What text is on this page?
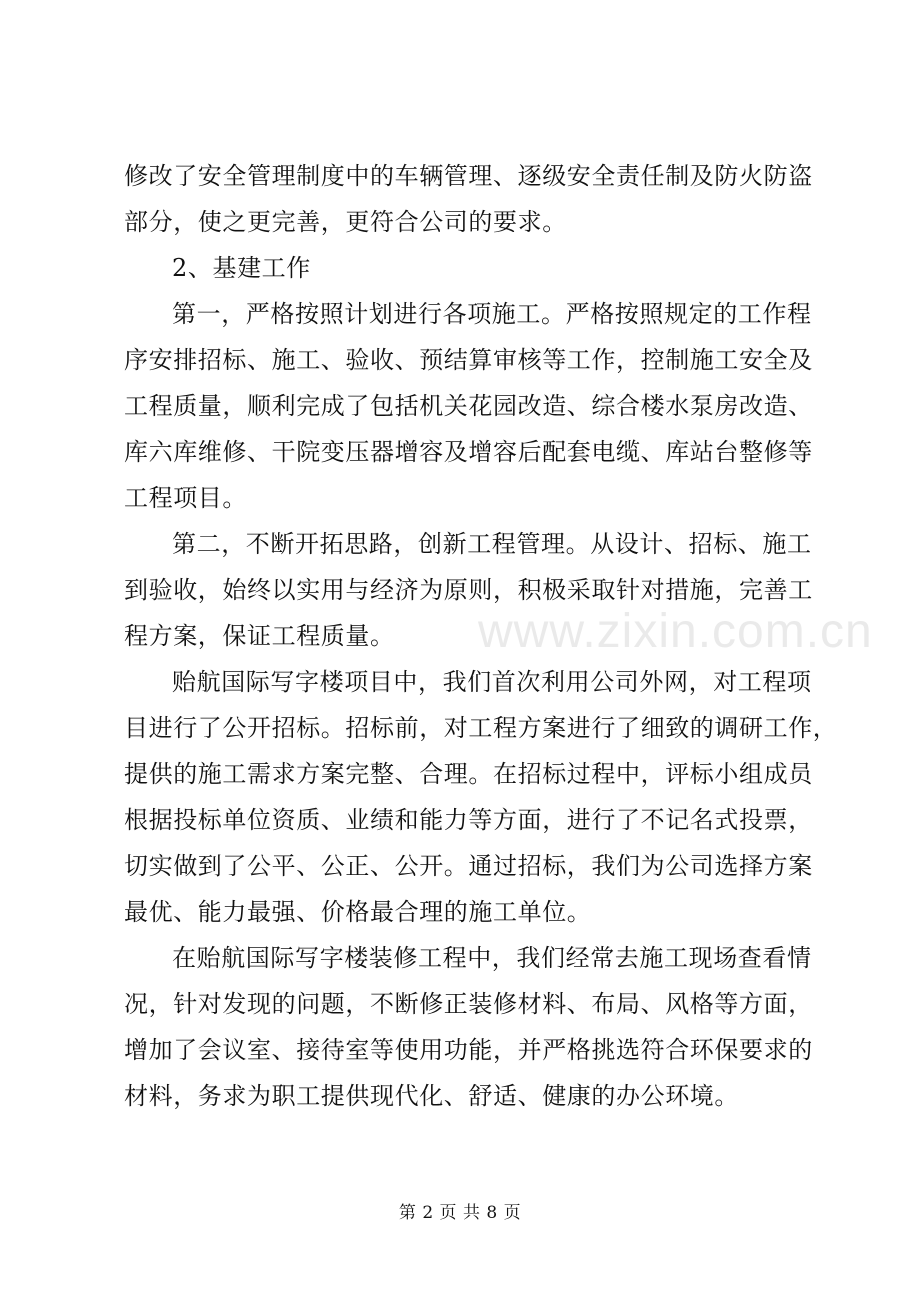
修改了安全管理制度中的车辆管理、逐级安全责任制及防火防盗
部分，使之更完善，更符合公司的要求。
2、基建工作
第一，严格按照计划进行各项施工。严格按照规定的工作程
序安排招标、施工、验收、预结算审核等工作，控制施工安全及
工程质量，顺利完成了包括机关花园改造、综合楼水泵房改造、
库六库维修、干院变压器增容及增容后配套电缆、库站台整修等
工程项目。
第二，不断开拓思路，创新工程管理。从设计、招标、施工
到验收，始终以实用与经济为原则，积极采取针对措施，完善工
程方案，保证工程质量。
贻航国际写字楼项目中，我们首次利用公司外网，对工程项
目进行了公开招标。招标前，对工程方案进行了细致的调研工作，
提供的施工需求方案完整、合理。在招标过程中，评标小组成员
根据投标单位资质、业绩和能力等方面，进行了不记名式投票，
切实做到了公平、公正、公开。通过招标，我们为公司选择方案
最优、能力最强、价格最合理的施工单位。
在贻航国际写字楼装修工程中，我们经常去施工现场查看情
况，针对发现的问题，不断修正装修材料、布局、风格等方面，
增加了会议室、接待室等使用功能，并严格挑选符合环保要求的
材料，务求为职工提供现代化、舒适、健康的办公环境。
www.zixin.com.cn
第 2 页 共 8 页
